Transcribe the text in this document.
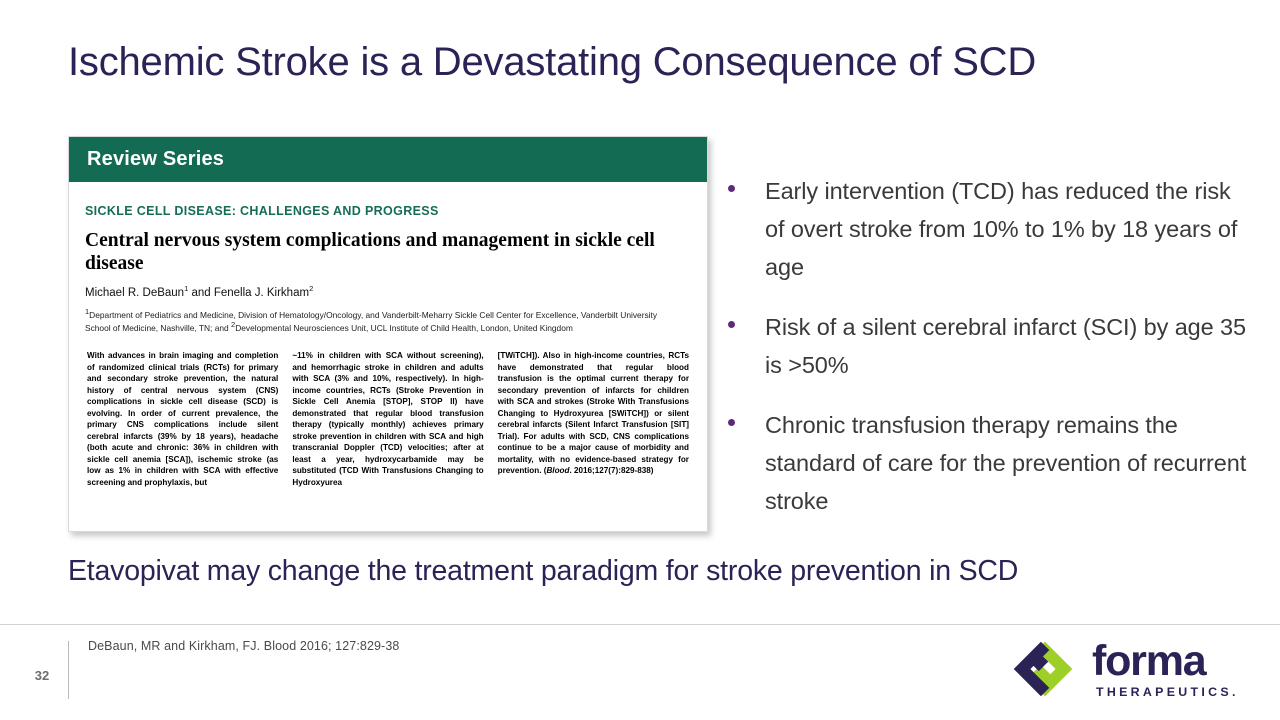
Ischemic Stroke is a Devastating Consequence of SCD
Review Series
SICKLE CELL DISEASE: CHALLENGES AND PROGRESS
Central nervous system complications and management in sickle cell disease
Michael R. DeBaun$^1$ and Fenella J. Kirkham$^2$
$^1$Department of Pediatrics and Medicine, Division of Hematology/Oncology, and Vanderbilt-Meharry Sickle Cell Center for Excellence, Vanderbilt University School of Medicine, Nashville, TN; and $^2$Developmental Neurosciences Unit, UCL Institute of Child Health, London, United Kingdom
With advances in brain imaging and completion of randomized clinical trials (RCTs) for primary and secondary stroke prevention, the natural history of central nervous system (CNS) complications in sickle cell disease (SCD) is evolving. In order of current prevalence, the primary CNS complications include silent cerebral infarcts (39% by 18 years), headache (both acute and chronic: 36% in children with sickle cell anemia [SCA]), ischemic stroke (as low as 1% in children with SCA with effective screening and prophylaxis, but
~11% in children with SCA without screening), and hemorrhagic stroke in children and adults with SCA (3% and 10%, respectively). In high-income countries, RCTs (Stroke Prevention in Sickle Cell Anemia [STOP], STOP II) have demonstrated that regular blood transfusion therapy (typically monthly) achieves primary stroke prevention in children with SCA and high transcranial Doppler (TCD) velocities; after at least a year, hydroxycarbamide may be substituted (TCD With Transfusions Changing to Hydroxyurea
[TWiTCH]). Also in high-income countries, RCTs have demonstrated that regular blood transfusion is the optimal current therapy for secondary prevention of infarcts for children with SCA and strokes (Stroke With Transfusions Changing to Hydroxyurea [SWiTCH]) or silent cerebral infarcts (Silent Infarct Transfusion [SIT] Trial). For adults with SCD, CNS complications continue to be a major cause of morbidity and mortality, with no evidence-based strategy for prevention. (Blood. 2016;127(7):829-838)
Early intervention (TCD) has reduced the risk of overt stroke from 10% to 1% by 18 years of age
Risk of a silent cerebral infarct (SCI) by age 35 is >50%
Chronic transfusion therapy remains the standard of care for the prevention of recurrent stroke
Etavopivat may change the treatment paradigm for stroke prevention in SCD
32
DeBaun, MR and Kirkham, FJ. Blood 2016; 127:829-38	forma
THERAPEUTICS.
